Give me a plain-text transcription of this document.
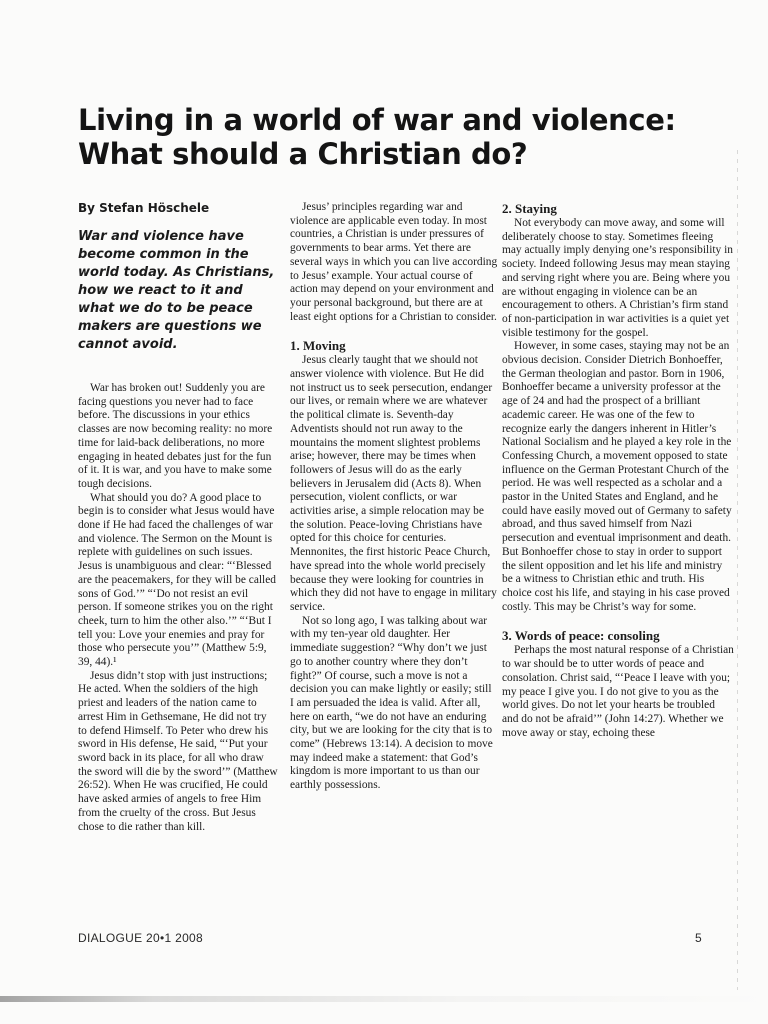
Living in a world of war and violence:
What should a Christian do?

By Stefan Höschele

War and violence have become common in the world today. As Christians, how we react to it and what we do to be peace makers are questions we cannot avoid.

War has broken out! Suddenly you are facing questions you never had to face before. The discussions in your ethics classes are now becoming reality: no more time for laid-back deliberations, no more engaging in heated debates just for the fun of it. It is war, and you have to make some tough decisions.

What should you do? A good place to begin is to consider what Jesus would have done if He had faced the challenges of war and violence. The Sermon on the Mount is replete with guidelines on such issues. Jesus is unambiguous and clear: “‘Blessed are the peacemakers, for they will be called sons of God.’” “‘Do not resist an evil person. If someone strikes you on the right cheek, turn to him the other also.’” “‘But I tell you: Love your enemies and pray for those who persecute you’” (Matthew 5:9, 39, 44).¹

Jesus didn’t stop with just instructions; He acted. When the soldiers of the high priest and leaders of the nation came to arrest Him in Gethsemane, He did not try to defend Himself. To Peter who drew his sword in His defense, He said, “‘Put your sword back in its place, for all who draw the sword will die by the sword’” (Matthew 26:52). When He was crucified, He could have asked armies of angels to free Him from the cruelty of the cross. But Jesus chose to die rather than kill.

Jesus’ principles regarding war and violence are applicable even today. In most countries, a Christian is under pressures of governments to bear arms. Yet there are several ways in which you can live according to Jesus’ example. Your actual course of action may depend on your environment and your personal background, but there are at least eight options for a Christian to consider.

1. Moving

Jesus clearly taught that we should not answer violence with violence. But He did not instruct us to seek persecution, endanger our lives, or remain where we are whatever the political climate is. Seventh-day Adventists should not run away to the mountains the moment slightest problems arise; however, there may be times when followers of Jesus will do as the early believers in Jerusalem did (Acts 8). When persecution, violent conflicts, or war activities arise, a simple relocation may be the solution. Peace-loving Christians have opted for this choice for centuries. Mennonites, the first historic Peace Church, have spread into the whole world precisely because they were looking for countries in which they did not have to engage in military service.

Not so long ago, I was talking about war with my ten-year old daughter. Her immediate suggestion? “Why don’t we just go to another country where they don’t fight?” Of course, such a move is not a decision you can make lightly or easily; still I am persuaded the idea is valid. After all, here on earth, “we do not have an enduring city, but we are looking for the city that is to come” (Hebrews 13:14). A decision to move may indeed make a statement: that God’s kingdom is more important to us than our earthly possessions.

2. Staying

Not everybody can move away, and some will deliberately choose to stay. Sometimes fleeing may actually imply denying one’s responsibility in society. Indeed following Jesus may mean staying and serving right where you are. Being where you are without engaging in violence can be an encouragement to others. A Christian’s firm stand of non-participation in war activities is a quiet yet visible testimony for the gospel.

However, in some cases, staying may not be an obvious decision. Consider Dietrich Bonhoeffer, the German theologian and pastor. Born in 1906, Bonhoeffer became a university professor at the age of 24 and had the prospect of a brilliant academic career. He was one of the few to recognize early the dangers inherent in Hitler’s National Socialism and he played a key role in the Confessing Church, a movement opposed to state influence on the German Protestant Church of the period. He was well respected as a scholar and a pastor in the United States and England, and he could have easily moved out of Germany to safety abroad, and thus saved himself from Nazi persecution and eventual imprisonment and death. But Bonhoeffer chose to stay in order to support the silent opposition and let his life and ministry be a witness to Christian ethic and truth. His choice cost his life, and staying in his case proved costly. This may be Christ’s way for some.

3. Words of peace: consoling

Perhaps the most natural response of a Christian to war should be to utter words of peace and consolation. Christ said, “‘Peace I leave with you; my peace I give you. I do not give to you as the world gives. Do not let your hearts be troubled and do not be afraid’” (John 14:27). Whether we move away or stay, echoing these

DIALOGUE 20•1 2008	5
